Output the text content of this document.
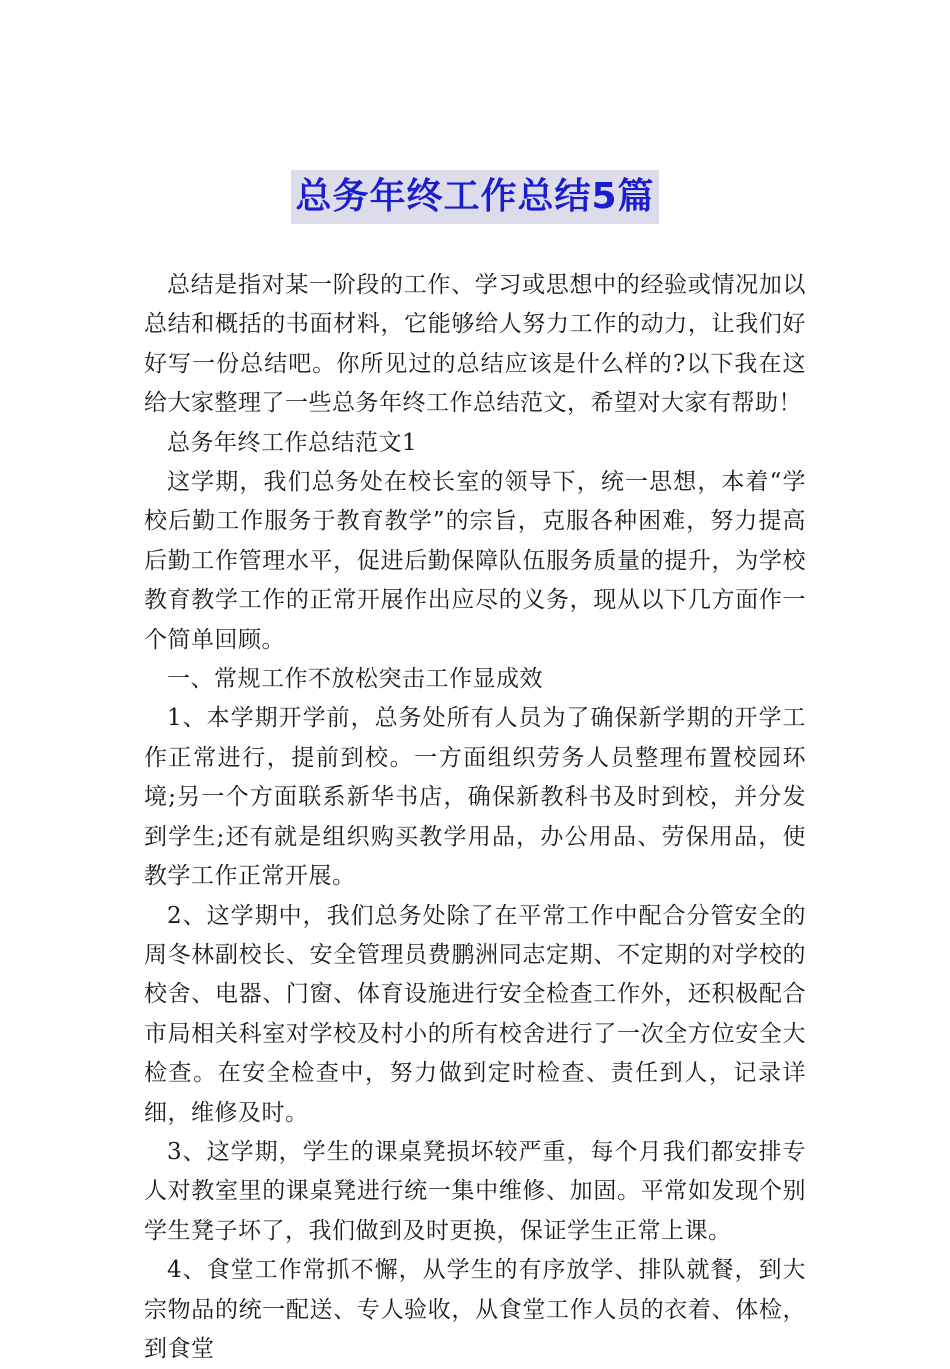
总务年终工作总结5篇

总结是指对某一阶段的工作、学习或思想中的经验或情况加以总结和概括的书面材料，它能够给人努力工作的动力，让我们好好写一份总结吧。你所见过的总结应该是什么样的?以下我在这给大家整理了一些总务年终工作总结范文，希望对大家有帮助！

总务年终工作总结范文1

这学期，我们总务处在校长室的领导下，统一思想，本着“学校后勤工作服务于教育教学”的宗旨，克服各种困难，努力提高后勤工作管理水平，促进后勤保障队伍服务质量的提升，为学校教育教学工作的正常开展作出应尽的义务，现从以下几方面作一个简单回顾。

一、常规工作不放松突击工作显成效

1、本学期开学前，总务处所有人员为了确保新学期的开学工作正常进行，提前到校。一方面组织劳务人员整理布置校园环境;另一个方面联系新华书店，确保新教科书及时到校，并分发到学生;还有就是组织购买教学用品，办公用品、劳保用品，使教学工作正常开展。

2、这学期中，我们总务处除了在平常工作中配合分管安全的周冬林副校长、安全管理员费鹏洲同志定期、不定期的对学校的校舍、电器、门窗、体育设施进行安全检查工作外，还积极配合市局相关科室对学校及村小的所有校舍进行了一次全方位安全大检查。在安全检查中，努力做到定时检查、责任到人，记录详细，维修及时。

3、这学期，学生的课桌凳损坏较严重，每个月我们都安排专人对教室里的课桌凳进行统一集中维修、加固。平常如发现个别学生凳子坏了，我们做到及时更换，保证学生正常上课。

4、食堂工作常抓不懈，从学生的有序放学、排队就餐，到大宗物品的统一配送、专人验收，从食堂工作人员的衣着、体检，到食堂
